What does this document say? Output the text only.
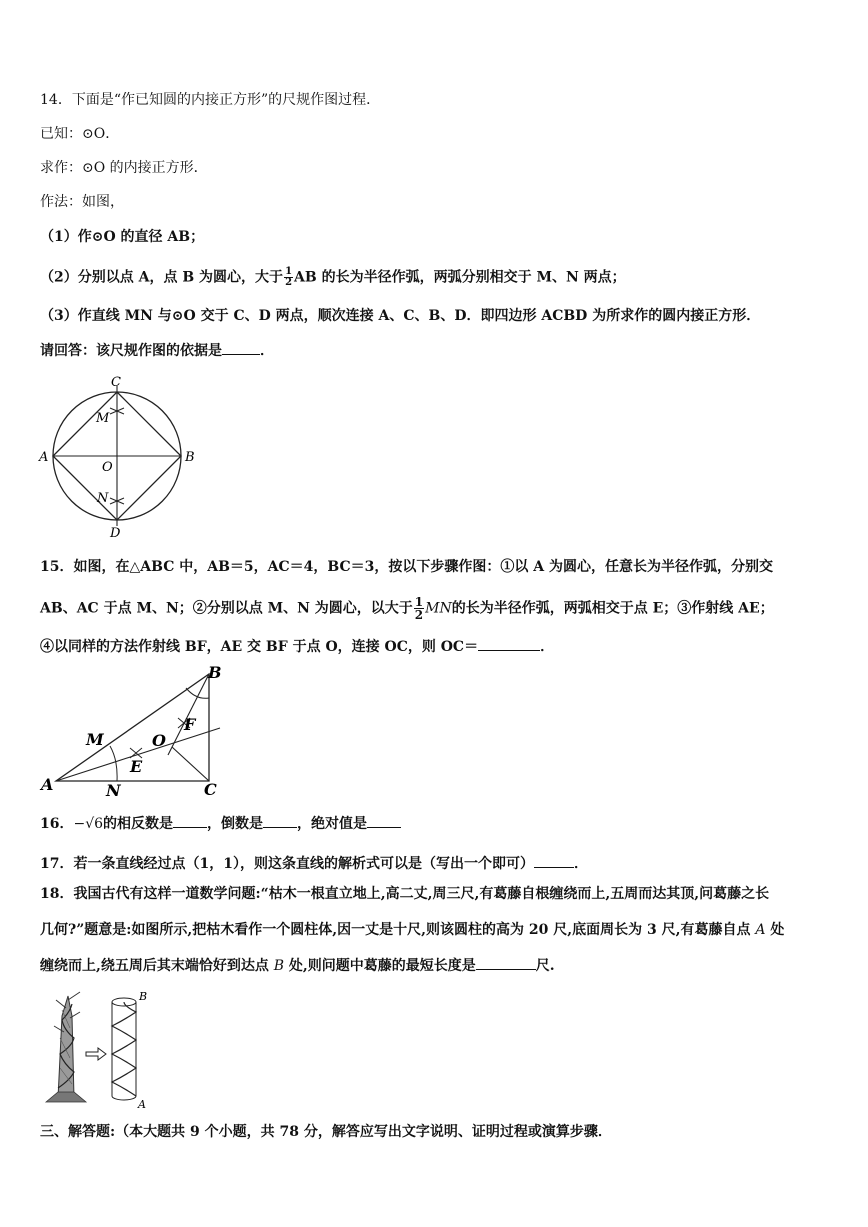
14．下面是“作已知圆的内接正方形”的尺规作图过程．
已知：⊙O．
求作：⊙O 的内接正方形．
作法：如图，
（1）作⊙O 的直径 AB；
（2）分别以点 A，点 B 为圆心，大于 $\frac{1}{2}$ AB 的长为半径作弧，两弧分别相交于 M、N 两点；
（3）作直线 MN 与⊙O 交于 C、D 两点，顺次连接 A、C、B、D．即四边形 ACBD 为所求作的圆内接正方形．
请回答：该尺规作图的依据是	．
C
M
A
O
B
N
D
15．如图，在△ABC 中，AB＝5，AC＝4，BC＝3，按以下步骤作图：①以 A 为圆心，任意长为半径作弧，分别交
AB、AC 于点 M、N；②分别以点 M、N 为圆心，以大于 $\frac{1}{2}$ MN的长为半径作弧，两弧相交于点 E；③作射线 AE；
④以同样的方法作射线 BF，AE 交 BF 于点 O，连接 OC，则 OC＝	．
B
M
F
O
E
A	N	C
16．−√6的相反数是 ，倒数是 ，绝对值是
17．若一条直线经过点（1，1），则这条直线的解析式可以是（写出一个即可）	．
18．我国古代有这样一道数学问题:“枯木一根直立地上,高二丈,周三尺,有葛藤自根缠绕而上,五周而达其顶,问葛藤之长
几何?”题意是:如图所示,把枯木看作一个圆柱体,因一丈是十尺,则该圆柱的高为 20 尺,底面周长为 3 尺,有葛藤自点 A 处
缠绕而上,绕五周后其末端恰好到达点 B 处,则问题中葛藤的最短长度是	尺.
B
A
三、解答题:（本大题共 9 个小题，共 78 分，解答应写出文字说明、证明过程或演算步骤．
